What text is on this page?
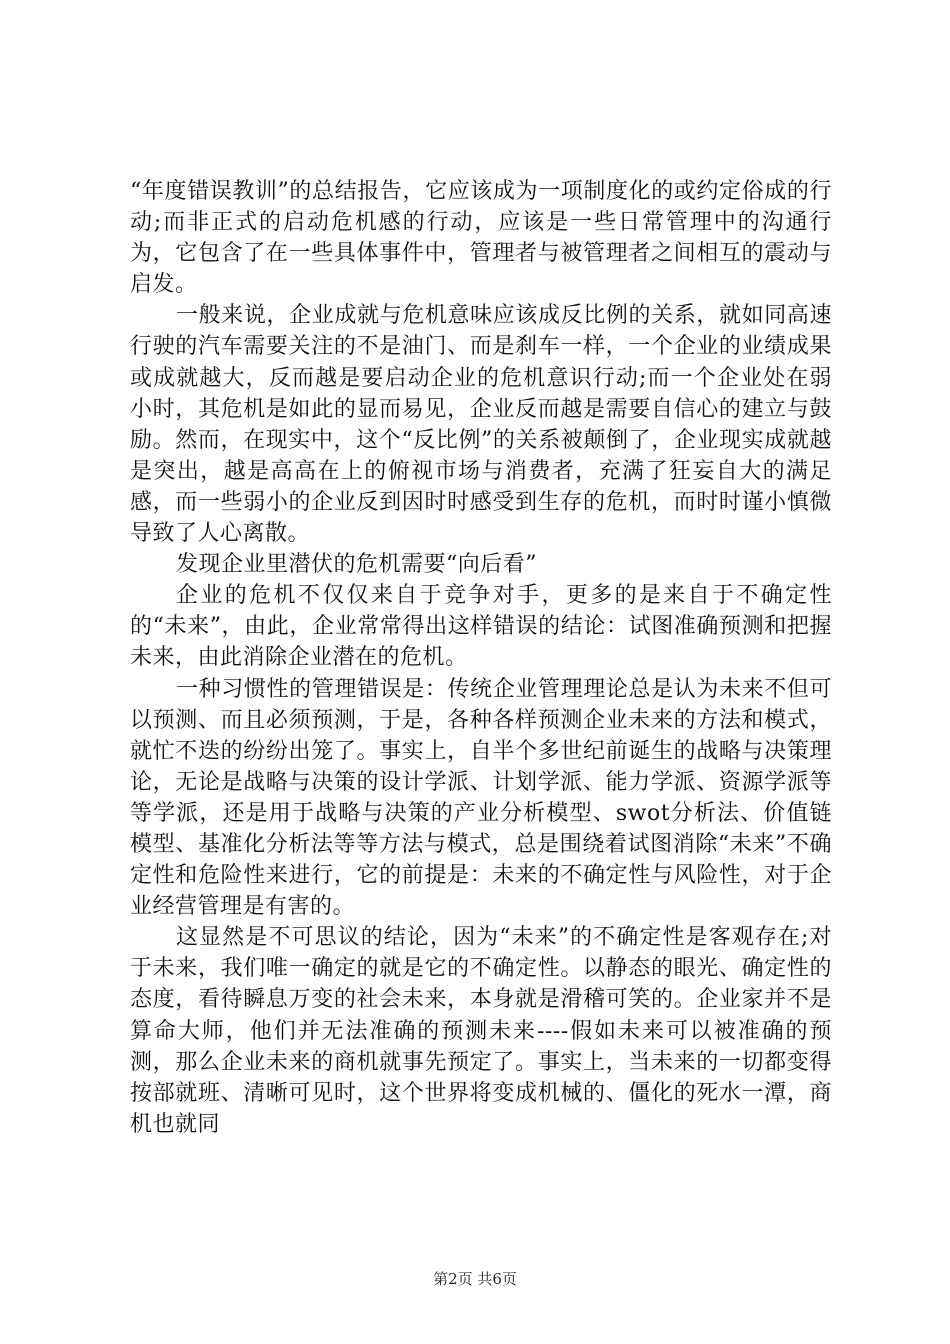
“年度错误教训”的总结报告，它应该成为一项制度化的或约定俗成的行动;而非正式的启动危机感的行动，应该是一些日常管理中的沟通行为，它包含了在一些具体事件中，管理者与被管理者之间相互的震动与启发。

一般来说，企业成就与危机意味应该成反比例的关系，就如同高速行驶的汽车需要关注的不是油门、而是刹车一样，一个企业的业绩成果或成就越大，反而越是要启动企业的危机意识行动;而一个企业处在弱小时，其危机是如此的显而易见，企业反而越是需要自信心的建立与鼓励。然而，在现实中，这个“反比例”的关系被颠倒了，企业现实成就越是突出，越是高高在上的俯视市场与消费者，充满了狂妄自大的满足感，而一些弱小的企业反到因时时感受到生存的危机，而时时谨小慎微导致了人心离散。

发现企业里潜伏的危机需要“向后看”

企业的危机不仅仅来自于竞争对手，更多的是来自于不确定性的“未来”，由此，企业常常得出这样错误的结论：试图准确预测和把握未来，由此消除企业潜在的危机。

一种习惯性的管理错误是：传统企业管理理论总是认为未来不但可以预测、而且必须预测，于是，各种各样预测企业未来的方法和模式，就忙不迭的纷纷出笼了。事实上，自半个多世纪前诞生的战略与决策理论，无论是战略与决策的设计学派、计划学派、能力学派、资源学派等等学派，还是用于战略与决策的产业分析模型、swot分析法、价值链模型、基准化分析法等等方法与模式，总是围绕着试图消除“未来”不确定性和危险性来进行，它的前提是：未来的不确定性与风险性，对于企业经营管理是有害的。

这显然是不可思议的结论，因为“未来”的不确定性是客观存在;对于未来，我们唯一确定的就是它的不确定性。以静态的眼光、确定性的态度，看待瞬息万变的社会未来，本身就是滑稽可笑的。企业家并不是算命大师，他们并无法准确的预测未来----假如未来可以被准确的预测，那么企业未来的商机就事先预定了。事实上，当未来的一切都变得按部就班、清晰可见时，这个世界将变成机械的、僵化的死水一潭，商机也就同

第2页 共6页
